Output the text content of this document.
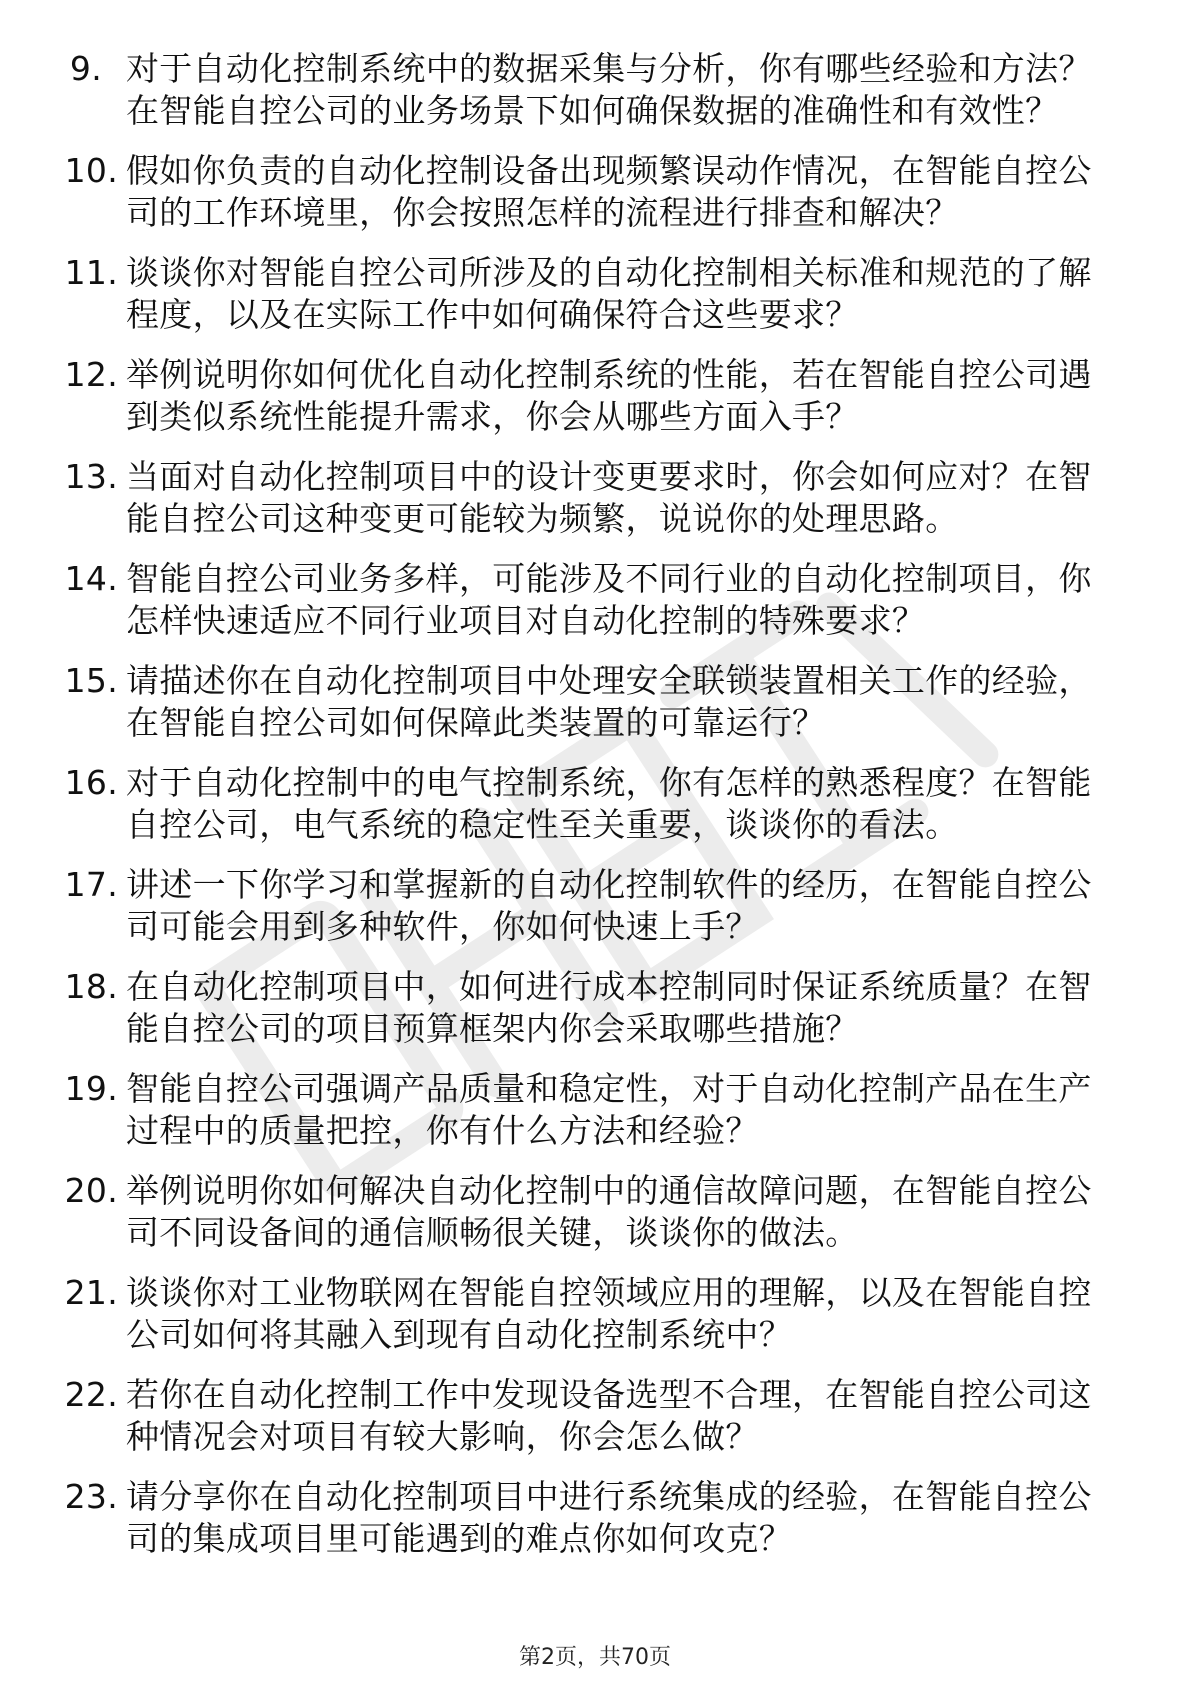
9. 对于自动化控制系统中的数据采集与分析，你有哪些经验和方法？在智能自控公司的业务场景下如何确保数据的准确性和有效性？
10. 假如你负责的自动化控制设备出现频繁误动作情况，在智能自控公司的工作环境里，你会按照怎样的流程进行排查和解决？
11. 谈谈你对智能自控公司所涉及的自动化控制相关标准和规范的了解程度，以及在实际工作中如何确保符合这些要求？
12. 举例说明你如何优化自动化控制系统的性能，若在智能自控公司遇到类似系统性能提升需求，你会从哪些方面入手？
13. 当面对自动化控制项目中的设计变更要求时，你会如何应对？在智能自控公司这种变更可能较为频繁，说说你的处理思路。
14. 智能自控公司业务多样，可能涉及不同行业的自动化控制项目，你怎样快速适应不同行业项目对自动化控制的特殊要求？
15. 请描述你在自动化控制项目中处理安全联锁装置相关工作的经验，在智能自控公司如何保障此类装置的可靠运行？
16. 对于自动化控制中的电气控制系统，你有怎样的熟悉程度？在智能自控公司，电气系统的稳定性至关重要，谈谈你的看法。
17. 讲述一下你学习和掌握新的自动化控制软件的经历，在智能自控公司可能会用到多种软件，你如何快速上手？
18. 在自动化控制项目中，如何进行成本控制同时保证系统质量？在智能自控公司的项目预算框架内你会采取哪些措施？
19. 智能自控公司强调产品质量和稳定性，对于自动化控制产品在生产过程中的质量把控，你有什么方法和经验？
20. 举例说明你如何解决自动化控制中的通信故障问题，在智能自控公司不同设备间的通信顺畅很关键，谈谈你的做法。
21. 谈谈你对工业物联网在智能自控领域应用的理解，以及在智能自控公司如何将其融入到现有自动化控制系统中？
22. 若你在自动化控制工作中发现设备选型不合理，在智能自控公司这种情况会对项目有较大影响，你会怎么做？
23. 请分享你在自动化控制项目中进行系统集成的经验，在智能自控公司的集成项目里可能遇到的难点你如何攻克？
第2页，共70页
